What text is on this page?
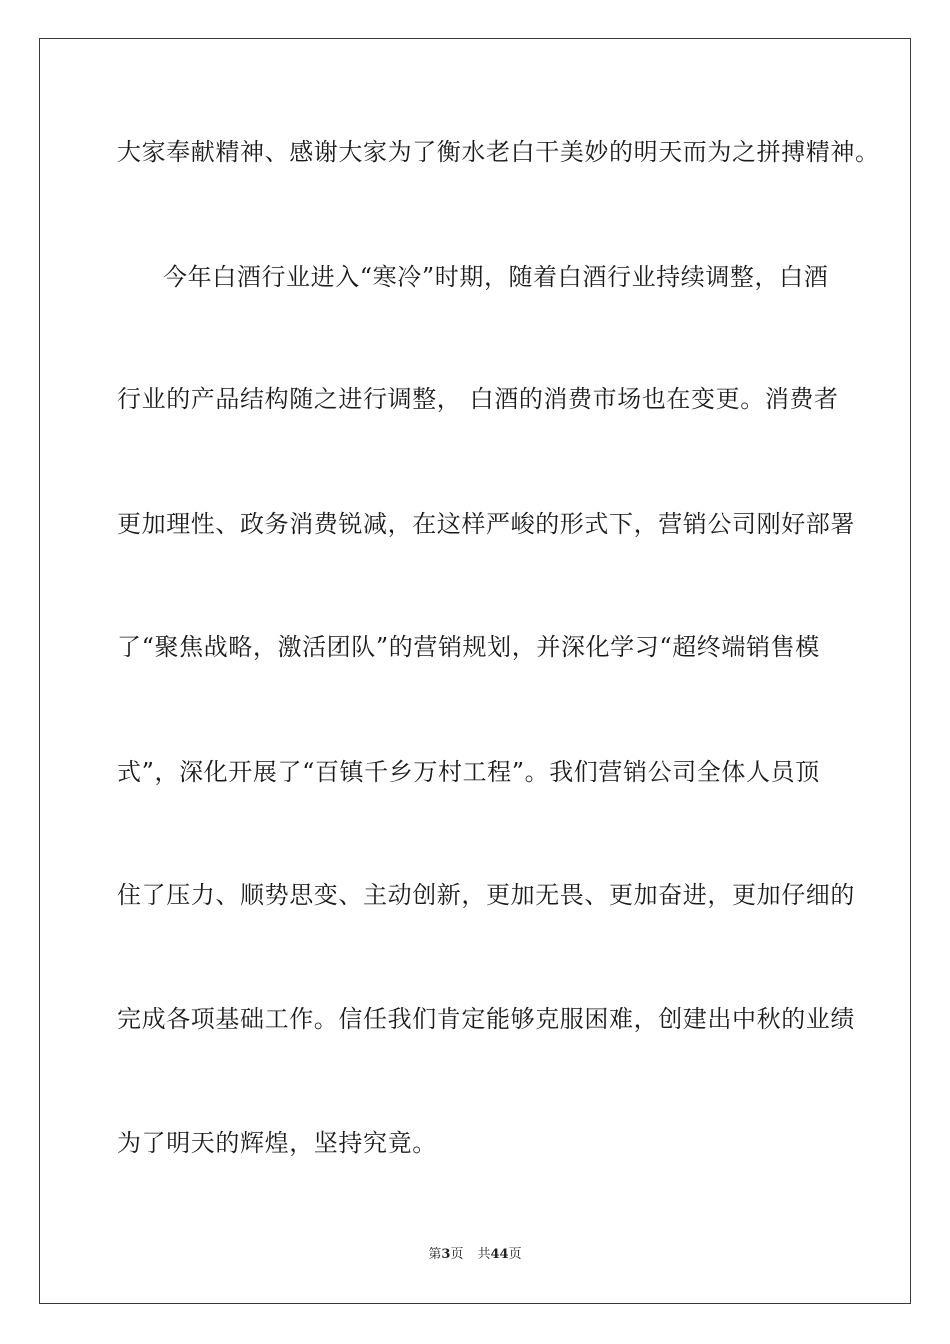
大家奉献精神、感谢大家为了衡水老白干美妙的明天而为之拼搏精神。
今年白酒行业进入“寒冷”时期，随着白酒行业持续调整，白酒
行业的产品结构随之进行调整， 白酒的消费市场也在变更。消费者
更加理性、政务消费锐减，在这样严峻的形式下，营销公司刚好部署
了“聚焦战略，激活团队”的营销规划，并深化学习“超终端销售模
式”，深化开展了“百镇千乡万村工程”。我们营销公司全体人员顶
住了压力、顺势思变、主动创新，更加无畏、更加奋进，更加仔细的
完成各项基础工作。信任我们肯定能够克服困难，创建出中秋的业绩
为了明天的辉煌，坚持究竟。
第3页 共44页
